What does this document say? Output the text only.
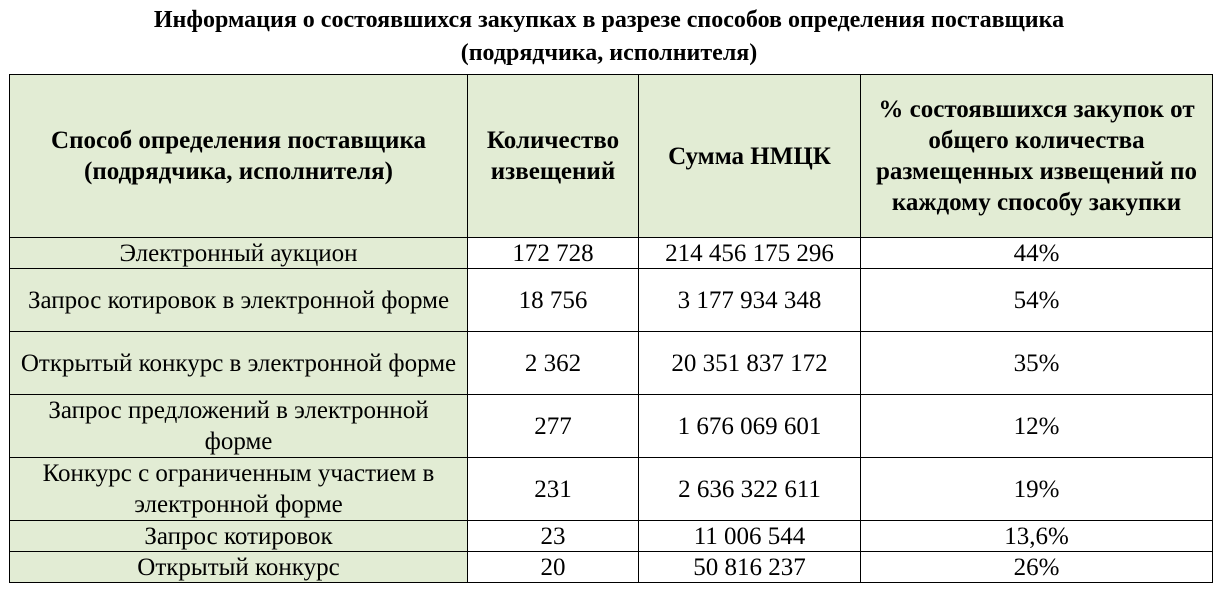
Информация о состоявшихся закупках в разрезе способов определения поставщика
(подрядчика, исполнителя)
Способ определения поставщика (подрядчика, исполнителя)	Количество извещений	Сумма НМЦК	% состоявшихся закупок от общего количества размещенных извещений по каждому способу закупки
Электронный аукцион	172 728	214 456 175 296	44%
Запрос котировок в электронной форме	18 756	3 177 934 348	54%
Открытый конкурс в электронной форме	2 362	20 351 837 172	35%
Запрос предложений в электронной форме	277	1 676 069 601	12%
Конкурс с ограниченным участием в электронной форме	231	2 636 322 611	19%
Запрос котировок	23	11 006 544	13,6%
Открытый конкурс	20	50 816 237	26%
